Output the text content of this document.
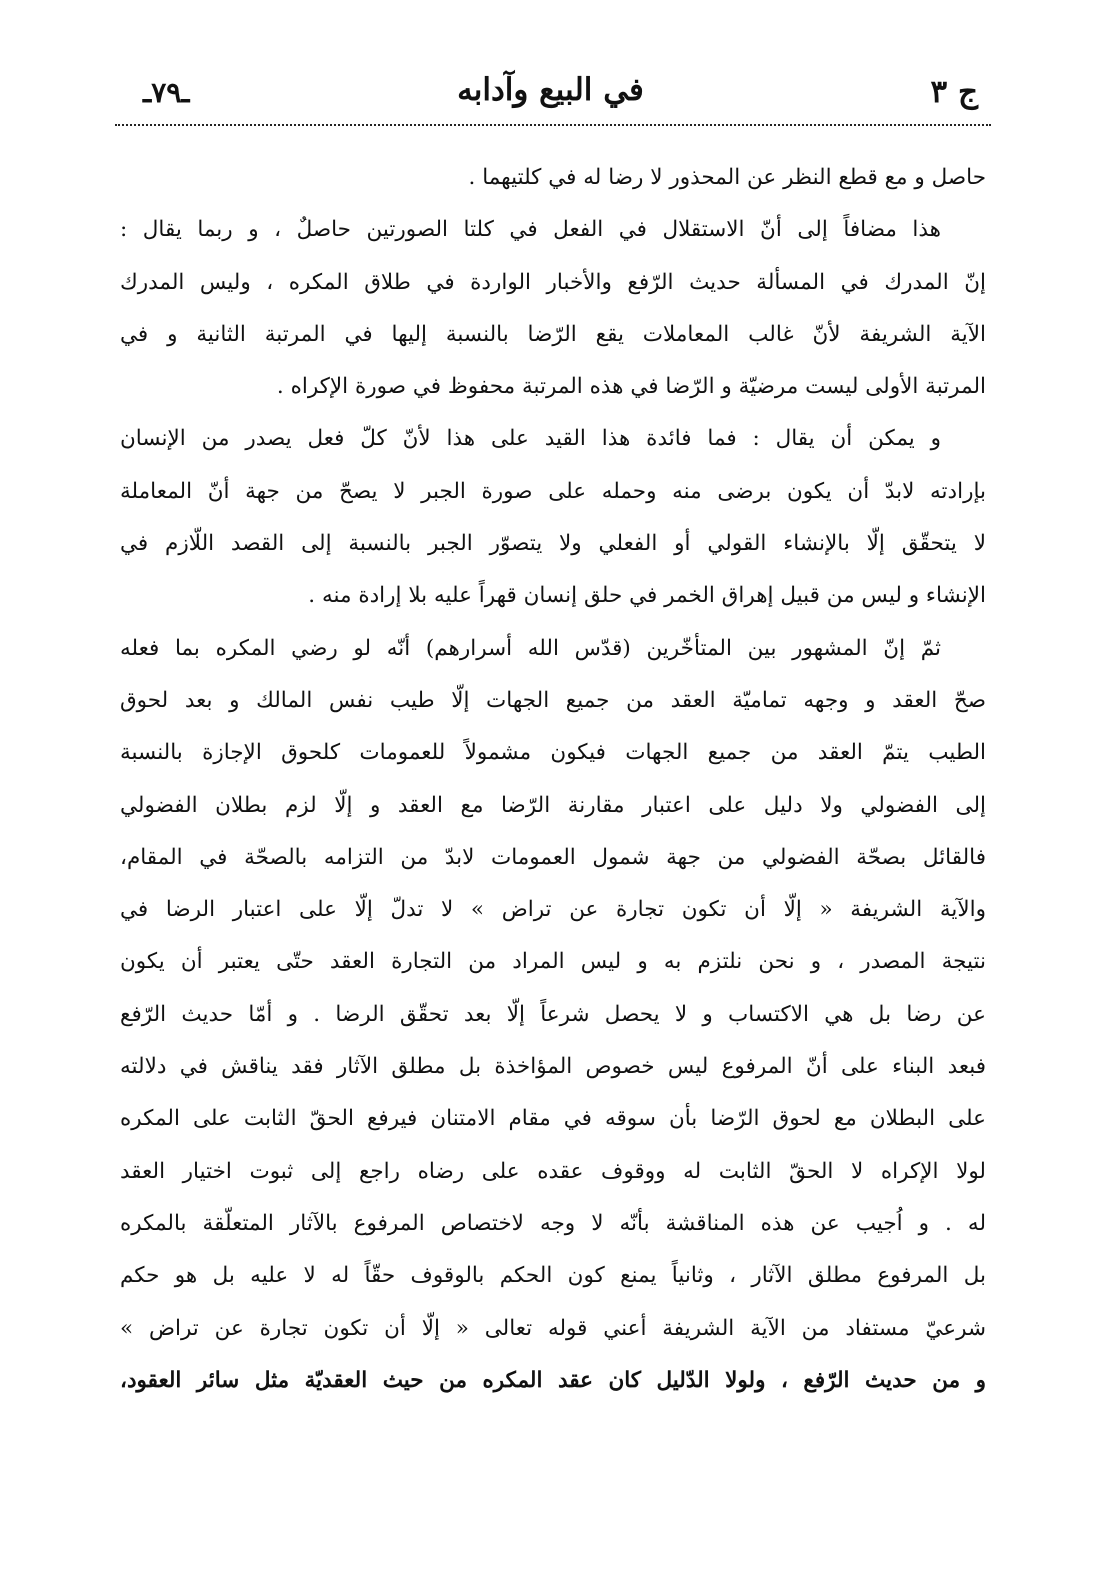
ج ٣
في البيع وآدابه
ـ٧٩ـ
حاصل و مع قطع النظر عن المحذور لا رضا له في كلتيهما .
هذا مضافاً إلى أنّ الاستقلال في الفعل في كلتا الصورتين حاصلٌ ، و ربما يقال :
إنّ المدرك في المسألة حديث الرّفع والأخبار الواردة في طلاق المكره ، وليس المدرك
الآية الشريفة لأنّ غالب المعاملات يقع الرّضا بالنسبة إليها في المرتبة الثانية و في
المرتبة الأولى ليست مرضيّة و الرّضا في هذه المرتبة محفوظ في صورة الإكراه .
و يمكن أن يقال : فما فائدة هذا القيد على هذا لأنّ كلّ فعل يصدر من الإنسان
بإرادته لابدّ أن يكون برضى منه وحمله على صورة الجبر لا يصحّ من جهة أنّ المعاملة
لا يتحقّق إلّا بالإنشاء القولي أو الفعلي ولا يتصوّر الجبر بالنسبة إلى القصد اللّازم في
الإنشاء و ليس من قبيل إهراق الخمر في حلق إنسان قهراً عليه بلا إرادة منه .
ثمّ إنّ المشهور بين المتأخّرين (قدّس الله أسرارهم) أنّه لو رضي المكره بما فعله
صحّ العقد و وجهه تماميّة العقد من جميع الجهات إلّا طيب نفس المالك و بعد لحوق
الطيب يتمّ العقد من جميع الجهات فيكون مشمولاً للعمومات كلحوق الإجازة بالنسبة
إلى الفضولي ولا دليل على اعتبار مقارنة الرّضا مع العقد و إلّا لزم بطلان الفضولي
فالقائل بصحّة الفضولي من جهة شمول العمومات لابدّ من التزامه بالصحّة في المقام،
والآية الشريفة « إلّا أن تكون تجارة عن تراض » لا تدلّ إلّا على اعتبار الرضا في
نتيجة المصدر ، و نحن نلتزم به و ليس المراد من التجارة العقد حتّى يعتبر أن يكون
عن رضا بل هي الاكتساب و لا يحصل شرعاً إلّا بعد تحقّق الرضا . و أمّا حديث الرّفع
فبعد البناء على أنّ المرفوع ليس خصوص المؤاخذة بل مطلق الآثار فقد يناقش في دلالته
على البطلان مع لحوق الرّضا بأن سوقه في مقام الامتنان فيرفع الحقّ الثابت على المكره
لولا الإكراه لا الحقّ الثابت له ووقوف عقده على رضاه راجع إلى ثبوت اختيار العقد
له . و اُجيب عن هذه المناقشة بأنّه لا وجه لاختصاص المرفوع بالآثار المتعلّقة بالمكره
بل المرفوع مطلق الآثار ، وثانياً يمنع كون الحكم بالوقوف حقّاً له لا عليه بل هو حكم
شرعيّ مستفاد من الآية الشريفة أعني قوله تعالى « إلّا أن تكون تجارة عن تراض »
و من حديث الرّفع ، ولولا الدّليل كان عقد المكره من حيث العقديّة مثل سائر العقود،
